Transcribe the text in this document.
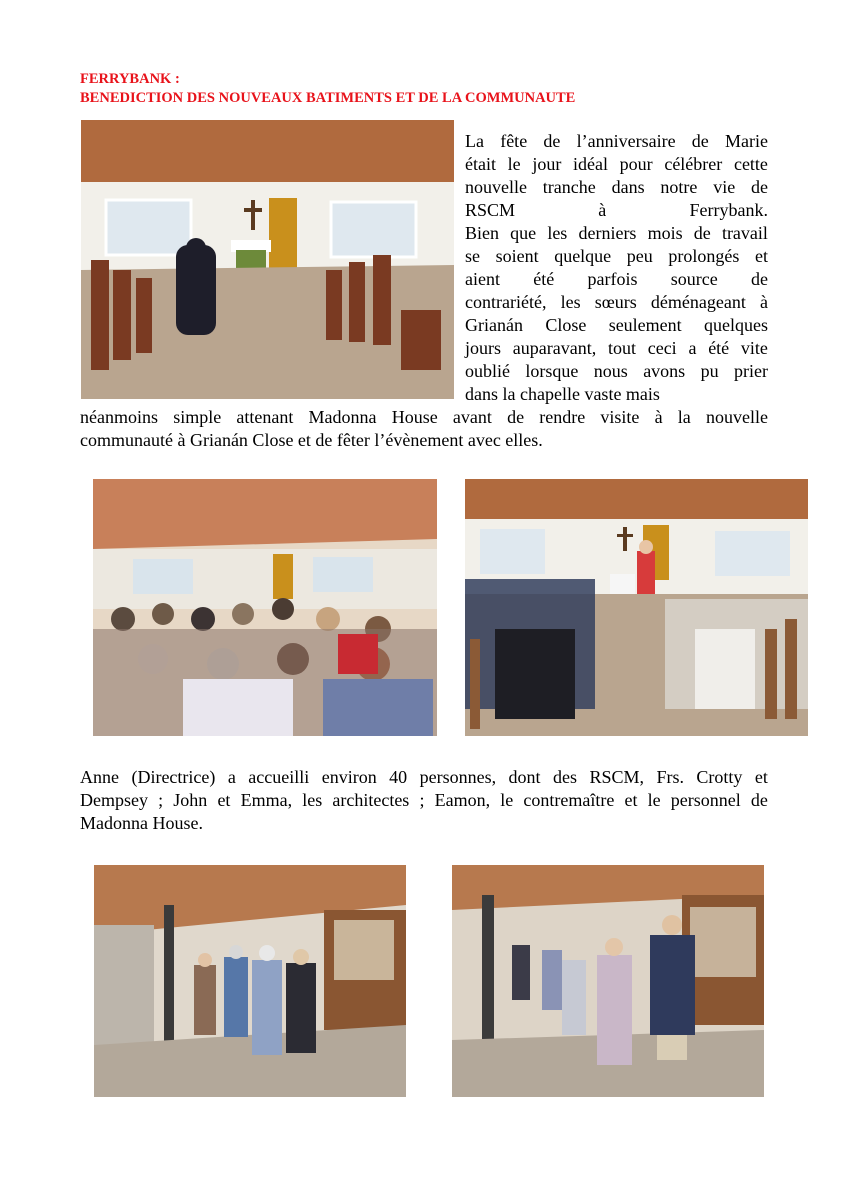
FERRYBANK :
BENEDICTION DES NOUVEAUX BATIMENTS ET DE LA COMMUNAUTE
La fête de l’anniversaire de Marie
était le jour idéal pour célébrer cette
nouvelle tranche dans notre vie de
RSCM	à	Ferrybank.
Bien que les derniers mois de travail
se soient quelque peu prolongés et
aient été parfois source de
contrariété, les sœurs déménageant à
Grianán Close seulement quelques
jours auparavant, tout ceci a été vite
oublié lorsque nous avons pu prier
dans la chapelle vaste mais
néanmoins simple attenant Madonna House avant de rendre visite à la nouvelle
communauté à Grianán Close et de fêter l’évènement avec elles.
Anne (Directrice) a accueilli environ 40 personnes, dont des RSCM, Frs. Crotty et
Dempsey ; John et Emma, les architectes ; Eamon, le contremaître et le personnel de
Madonna House.
